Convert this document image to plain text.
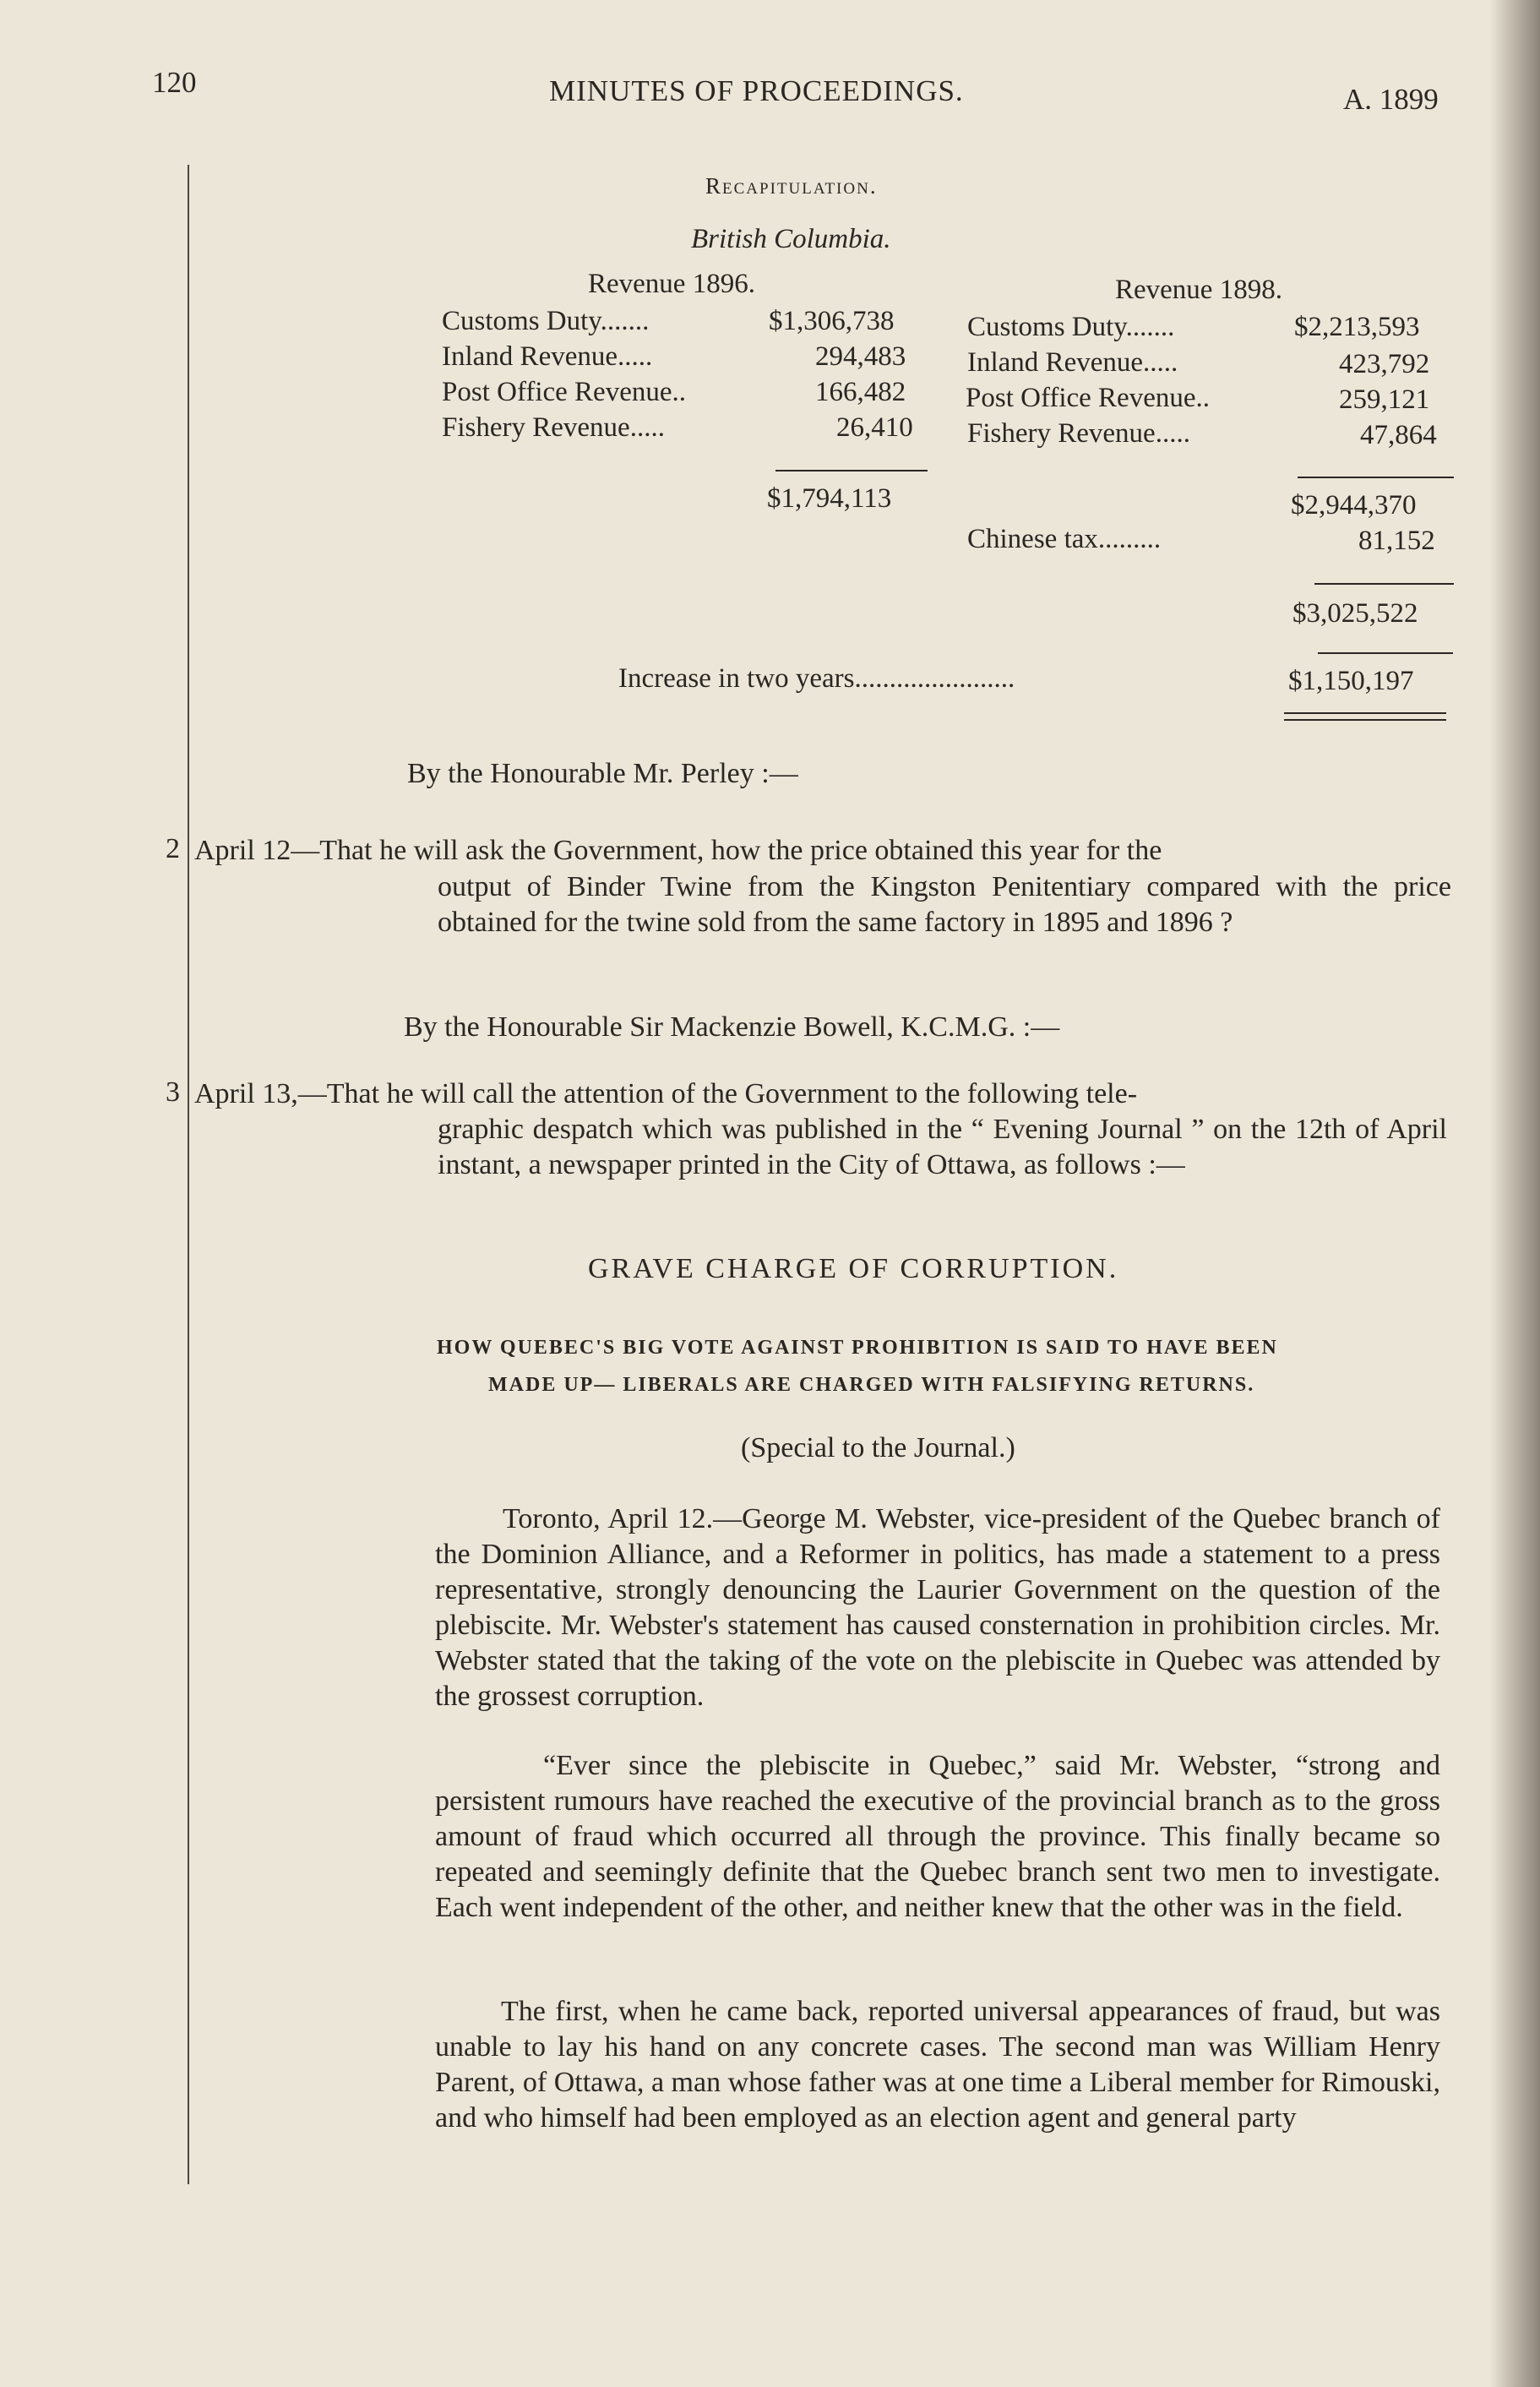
120	MINUTES OF PROCEEDINGS.	A. 1899
Recapitulation.
British Columbia.
Revenue 1896.
Customs Duty.......	$1,306,738
Inland Revenue.....	294,483
Post Office Revenue..	166,482
Fishery Revenue.....	26,410
$1,794,113
Revenue 1898.
Customs Duty.......	$2,213,593
Inland Revenue.....	423,792
Post Office Revenue..	259,121
Fishery Revenue.....	47,864
$2,944,370
Chinese tax.........	81,152
$3,025,522
Increase in two years.......................	$1,150,197
By the Honourable Mr. Perley :—
2 April 12—That he will ask the Government, how the price obtained this year for the
output of Binder Twine from the Kingston Penitentiary compared with the price obtained for the twine sold from the same factory in 1895 and 1896 ?
By the Honourable Sir Mackenzie Bowell, K.C.M.G. :—
3 April 13,—That he will call the attention of the Government to the following tele-
graphic despatch which was published in the “ Evening Journal ” on the 12th of April instant, a newspaper printed in the City of Ottawa, as follows :—
GRAVE CHARGE OF CORRUPTION.
HOW QUEBEC'S BIG VOTE AGAINST PROHIBITION IS SAID TO HAVE BEEN
MADE UP— LIBERALS ARE CHARGED WITH FALSIFYING RETURNS.
(Special to the Journal.)
Toronto, April 12.—George M. Webster, vice-president of the Quebec branch of the Dominion Alliance, and a Reformer in politics, has made a statement to a press representative, strongly denouncing the Laurier Government on the question of the plebiscite. Mr. Webster's statement has caused consternation in prohibition circles. Mr. Webster stated that the taking of the vote on the plebiscite in Quebec was attended by the grossest corruption.
“Ever since the plebiscite in Quebec,” said Mr. Webster, “strong and persistent rumours have reached the executive of the provincial branch as to the gross amount of fraud which occurred all through the province. This finally became so repeated and seemingly definite that the Quebec branch sent two men to investigate. Each went independent of the other, and neither knew that the other was in the field.
The first, when he came back, reported universal appearances of fraud, but was unable to lay his hand on any concrete cases. The second man was William Henry Parent, of Ottawa, a man whose father was at one time a Liberal member for Rimouski, and who himself had been employed as an election agent and general party
